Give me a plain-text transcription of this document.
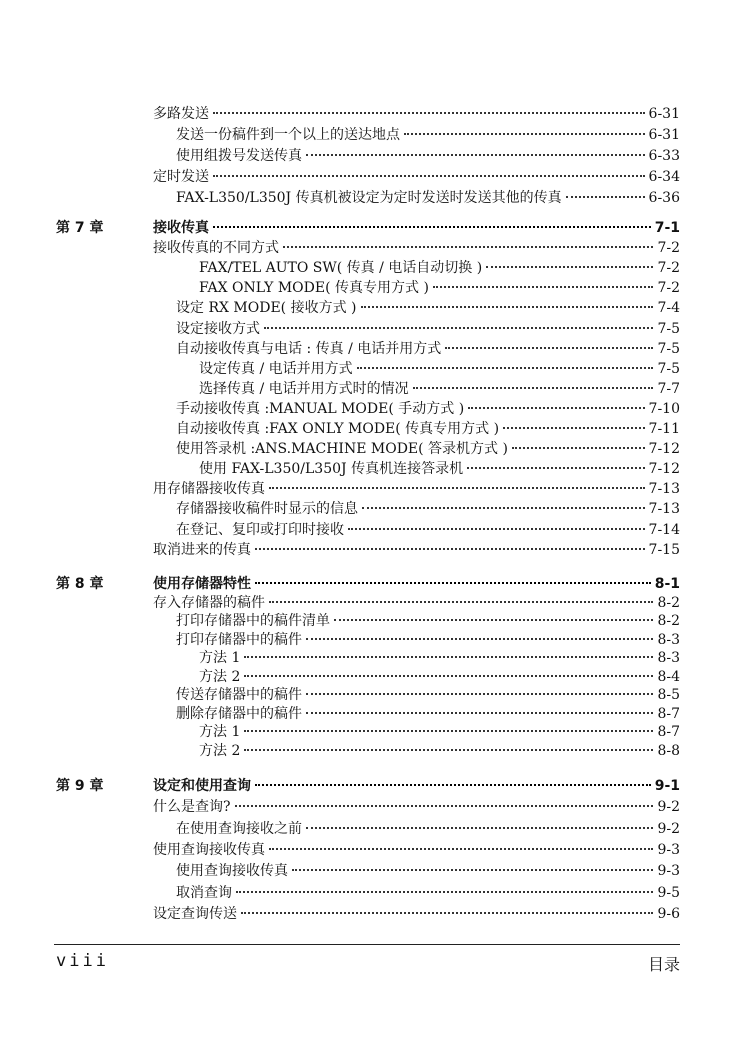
多路发送	6-31
发送一份稿件到一个以上的送达地点	6-31
使用组拨号发送传真	6-33
定时发送	6-34
FAX-L350/L350J 传真机被设定为定时发送时发送其他的传真	6-36
第 7 章	接收传真	7-1
接收传真的不同方式	7-2
FAX/TEL AUTO SW( 传真 / 电话自动切换 )	7-2
FAX ONLY MODE( 传真专用方式 )	7-2
设定 RX MODE( 接收方式 )	7-4
设定接收方式	7-5
自动接收传真与电话 : 传真 / 电话并用方式	7-5
设定传真 / 电话并用方式	7-5
选择传真 / 电话并用方式时的情况	7-7
手动接收传真 :MANUAL MODE( 手动方式 )	7-10
自动接收传真 :FAX ONLY MODE( 传真专用方式 )	7-11
使用答录机 :ANS.MACHINE MODE( 答录机方式 )	7-12
使用 FAX-L350/L350J 传真机连接答录机	7-12
用存储器接收传真	7-13
存储器接收稿件时显示的信息	7-13
在登记、复印或打印时接收	7-14
取消进来的传真	7-15
第 8 章	使用存储器特性	8-1
存入存储器的稿件	8-2
打印存储器中的稿件清单	8-2
打印存储器中的稿件	8-3
方法 1	8-3
方法 2	8-4
传送存储器中的稿件	8-5
删除存储器中的稿件	8-7
方法 1	8-7
方法 2	8-8
第 9 章	设定和使用查询	9-1
什么是查询?	9-2
在使用查询接收之前	9-2
使用查询接收传真	9-3
使用查询接收传真	9-3
取消查询	9-5
设定查询传送	9-6
viii	目录
